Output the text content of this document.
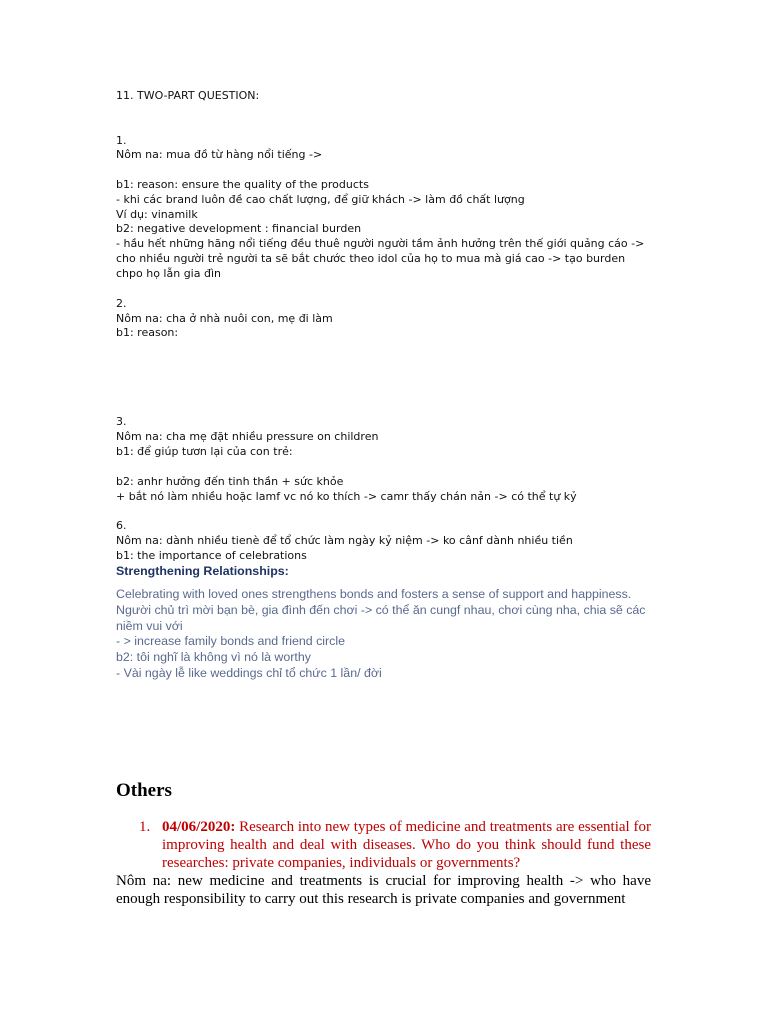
11. TWO-PART QUESTION:
1.
Nôm na: mua đồ từ hàng nổi tiếng ->
b1: reason: ensure the quality of the products
- khi các brand luôn đề cao chất lượng, để giữ khách -> làm đồ chất lượng
Ví dụ: vinamilk
b2: negative development : financial burden
- hầu hết những hãng nổi tiếng đều thuê người người tầm ảnh hưởng trên thế giới quảng cáo -> cho nhiều người trẻ người ta sẽ bắt chước theo idol của họ to mua mà giá cao -> tạo burden chpo họ lẫn gia đìn
2.
Nôm na: cha ở nhà nuôi con, mẹ đi làm
b1: reason:
3.
Nôm na: cha mẹ đặt nhiều pressure on children
b1: để giúp tươn lại của con trẻ:
b2: anhr hưởng đến tinh thần + sức khỏe
+ bắt nó làm nhiều hoặc lamf vc nó ko thích -> camr thấy chán nản -> có thể tự kỷ
6.
Nôm na: dành nhiều tienè để tổ chức làm ngày kỷ niệm -> ko cânf dành nhiều tiền
b1: the importance of celebrations
Strengthening Relationships:
Celebrating with loved ones strengthens bonds and fosters a sense of support and happiness. Người chủ trì mời bạn bè, gia đình đến chơi -> có thể ăn cungf nhau, chơi cùng nha, chia sẽ các niềm vui với
- > increase family bonds and friend circle
b2: tôi nghĩ là không vì nó là worthy
- Vài ngày lễ like weddings chỉ tổ chức 1 lần/ đời
Others
1. 04/06/2020: Research into new types of medicine and treatments are essential for improving health and deal with diseases. Who do you think should fund these researches: private companies, individuals or governments?
Nôm na: new medicine and treatments is crucial for improving health -> who have enough responsibility to carry out this research is private companies and government
